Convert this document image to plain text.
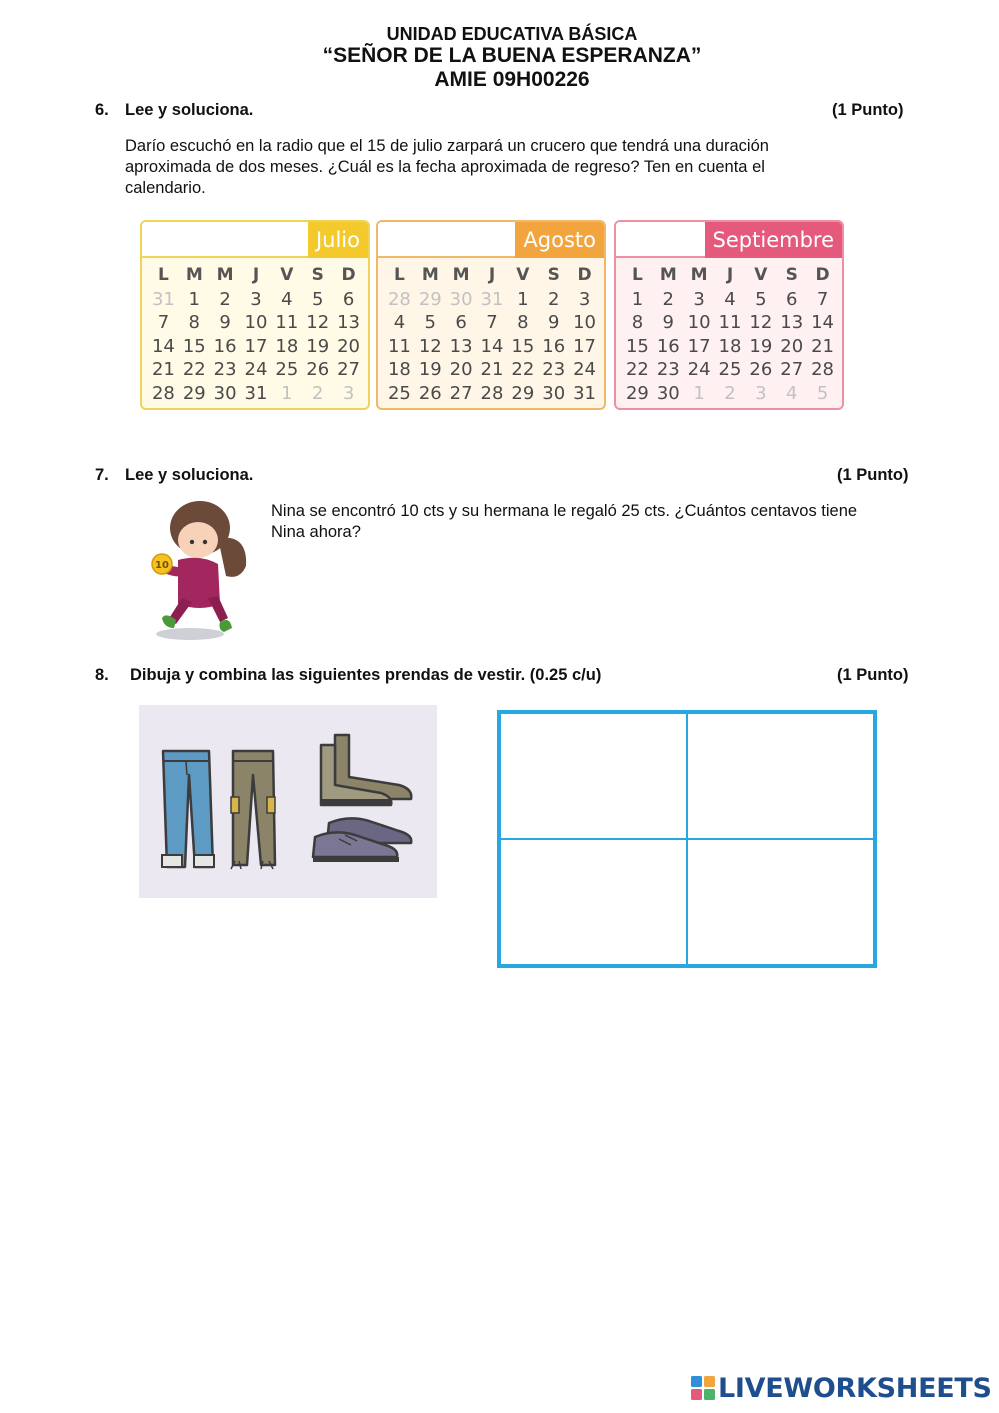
UNIDAD EDUCATIVA BÁSICA
“SEÑOR DE LA BUENA ESPERANZA”
AMIE 09H00226
6. Lee y soluciona.	(1 Punto)
Darío escuchó en la radio que el 15 de julio zarpará un crucero que tendrá una duración
aproximada de dos meses. ¿Cuál es la fecha aproximada de regreso? Ten en cuenta el
calendario.
Julio
L M M	J	V	S	D
31 1	2	3	4	5	6
7	8	9 10 11 12 13
14 15 16 17 18 19 20
21 22 23 24 25 26 27
28 29 30 31 1	2	3
Agosto
L M M	J	V	S	D
28 29 30 31 1	2	3
4	5	6	7	8	9 10
11 12 13 14 15 16 17
18 19 20 21 22 23 24
25 26 27 28 29 30 31
Septiembre
L M M	J	V	S	D
1	2	3	4	5	6	7
8	9 10 11 12 13 14
15 16 17 18 19 20 21
22 23 24 25 26 27 28
29 30 1	2	3	4	5
7. Lee y soluciona.	(1 Punto)
10
Nina se encontró 10 cts y su hermana le regaló 25 cts. ¿Cuántos centavos tiene
Nina ahora?
8. Dibuja y combina las siguientes prendas de vestir. (0.25 c/u)	(1 Punto)
LIVEWORKSHEETS
